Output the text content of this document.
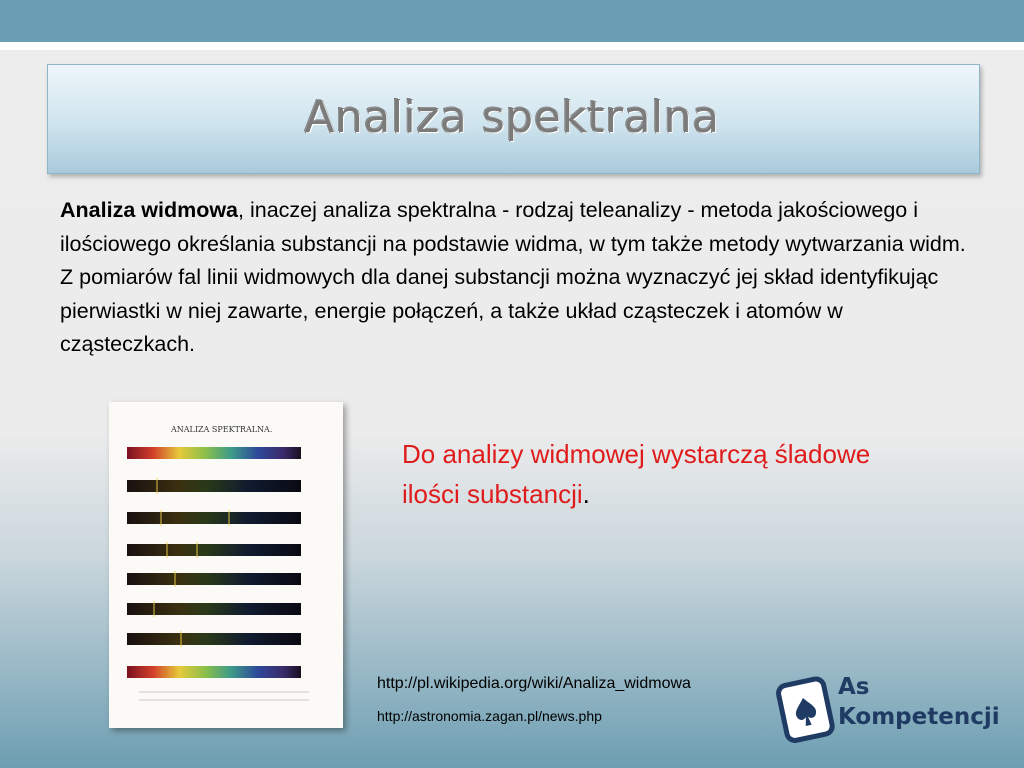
Analiza spektralna
Analiza widmowa, inaczej analiza spektralna - rodzaj teleanalizy - metoda jakościowego i ilościowego określania substancji na podstawie widma, w tym także metody wytwarzania widm. Z pomiarów fal linii widmowych dla danej substancji można wyznaczyć jej skład identyfikując pierwiastki w niej zawarte, energie połączeń, a także układ cząsteczek i atomów w cząsteczkach.
ANALIZA SPEKTRALNA.
Do analizy widmowej wystarczą śladowe ilości substancji.
http://pl.wikipedia.org/wiki/Analiza_widmowa
http://astronomia.zagan.pl/news.php
As
Kompetencji
